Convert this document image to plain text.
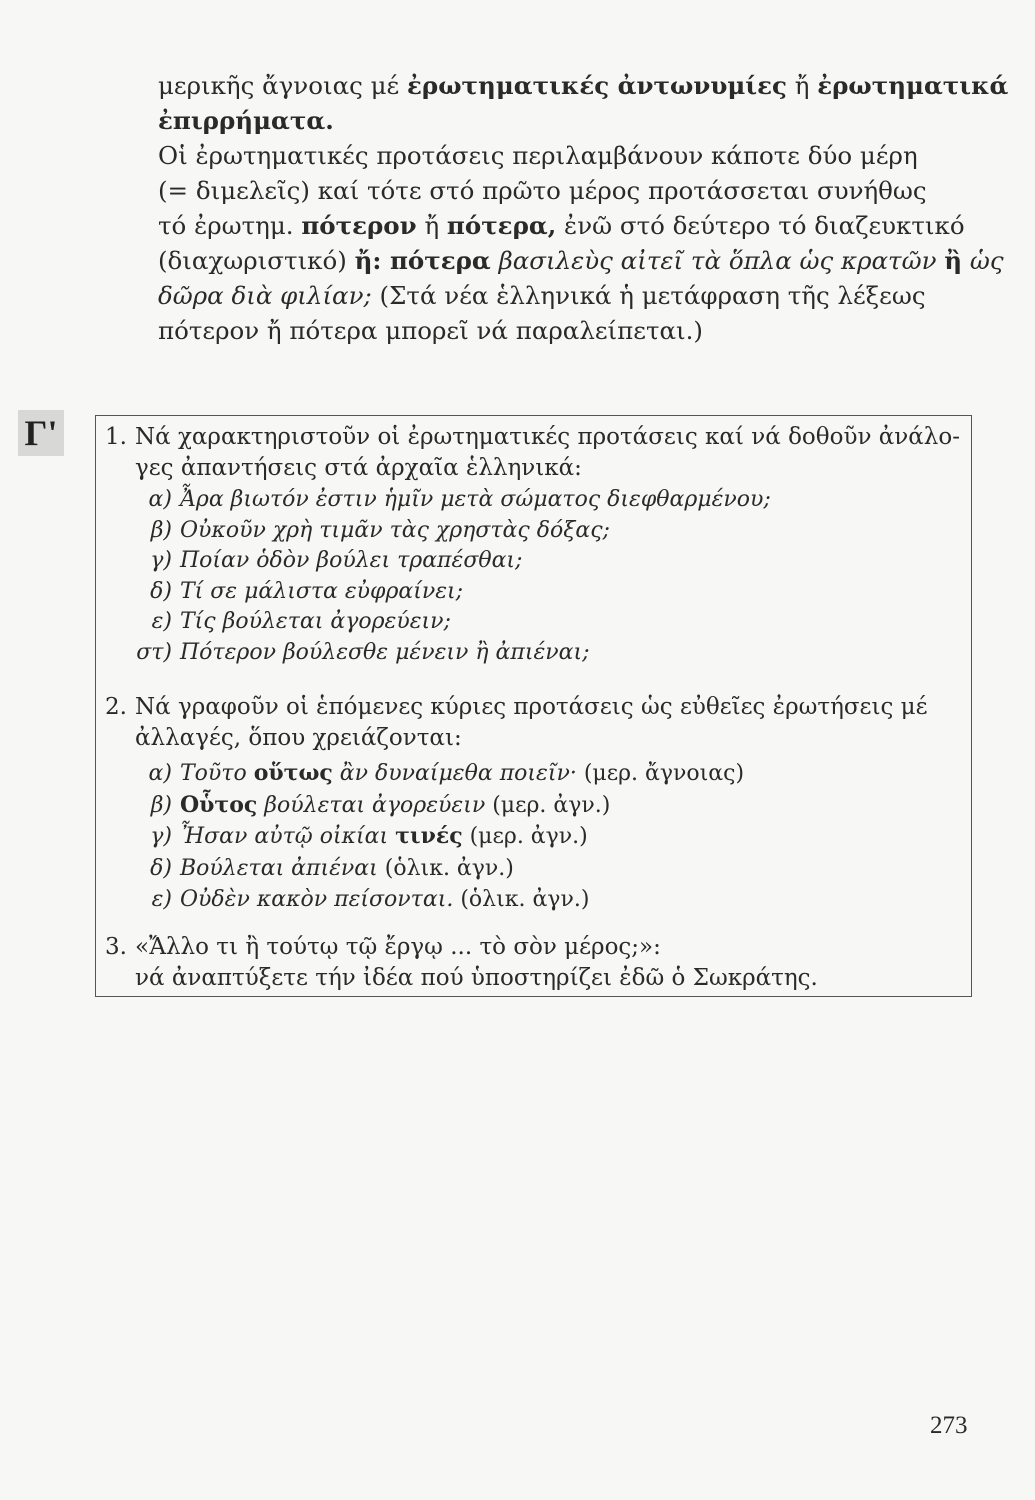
μερικῆς ἄγνοιας μέ ἐρωτηματικές ἀντωνυμίες ἤ ἐρωτηματικά
ἐπιρρήματα.

Οἱ ἐρωτηματικές προτάσεις περιλαμβάνουν κάποτε δύο μέρη
(= διμελεῖς) καί τότε στό πρῶτο μέρος προτάσσεται συνήθως
τό ἐρωτημ. πότερον ἤ πότερα, ἐνῶ στό δεύτερο τό διαζευκτικό
(διαχωριστικό) ἤ: πότερα βασιλεὺς αἰτεῖ τὰ ὅπλα ὡς κρατῶν ἢ ὡς
δῶρα διὰ φιλίαν; (Στά νέα ἑλληνικά ἡ μετάφραση τῆς λέξεως
πότερον ἤ πότερα μπορεῖ νά παραλείπεται.)

Γ' 1. Νά χαρακτηριστοῦν οἱ ἐρωτηματικές προτάσεις καί νά δοθοῦν ἀνάλο-
γες ἀπαντήσεις στά ἀρχαῖα ἑλληνικά:
α) Ἆρα βιωτόν ἐστιν ἡμῖν μετὰ σώματος διεφθαρμένου;
β) Οὐκοῦν χρὴ τιμᾶν τὰς χρηστὰς δόξας;
γ) Ποίαν ὁδὸν βούλει τραπέσθαι;
δ) Τί σε μάλιστα εὐφραίνει;
ε) Τίς βούλεται ἀγορεύειν;
στ) Πότερον βούλεσθε μένειν ἢ ἀπιέναι;
2. Νά γραφοῦν οἱ ἑπόμενες κύριες προτάσεις ὡς εὐθεῖες ἐρωτήσεις μέ
ἀλλαγές, ὅπου χρειάζονται:
α) Τοῦτο οὕτως ἂν δυναίμεθα ποιεῖν· (μερ. ἄγνοιας)
β) Οὗτος βούλεται ἀγορεύειν (μερ. ἀγν.)
γ) Ἦσαν αὐτῷ οἰκίαι τινές (μερ. ἀγν.)
δ) Βούλεται ἀπιέναι (ὁλικ. ἀγν.)
ε) Οὐδὲν κακὸν πείσονται. (ὁλικ. ἀγν.)
3. «Ἄλλο τι ἢ τούτῳ τῷ ἔργῳ ... τὸ σὸν μέρος;»:
νά ἀναπτύξετε τήν ἰδέα πού ὑποστηρίζει ἐδῶ ὁ Σωκράτης.
273
